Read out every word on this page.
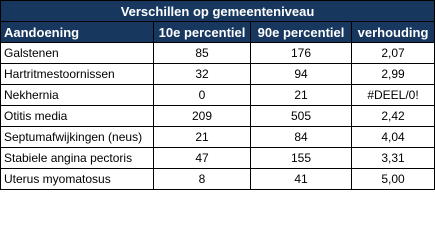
Verschillen op gemeenteniveau			
Aandoening	10e percentiel	90e percentiel	verhouding
Galstenen	85	176	2,07
Hartritmestoornissen	32	94	2,99
Nekhernia	0	21	#DEEL/0!
Otitis media	209	505	2,42
Septumafwijkingen (neus)	21	84	4,04
Stabiele angina pectoris	47	155	3,31
Uterus myomatosus	8	41	5,00
